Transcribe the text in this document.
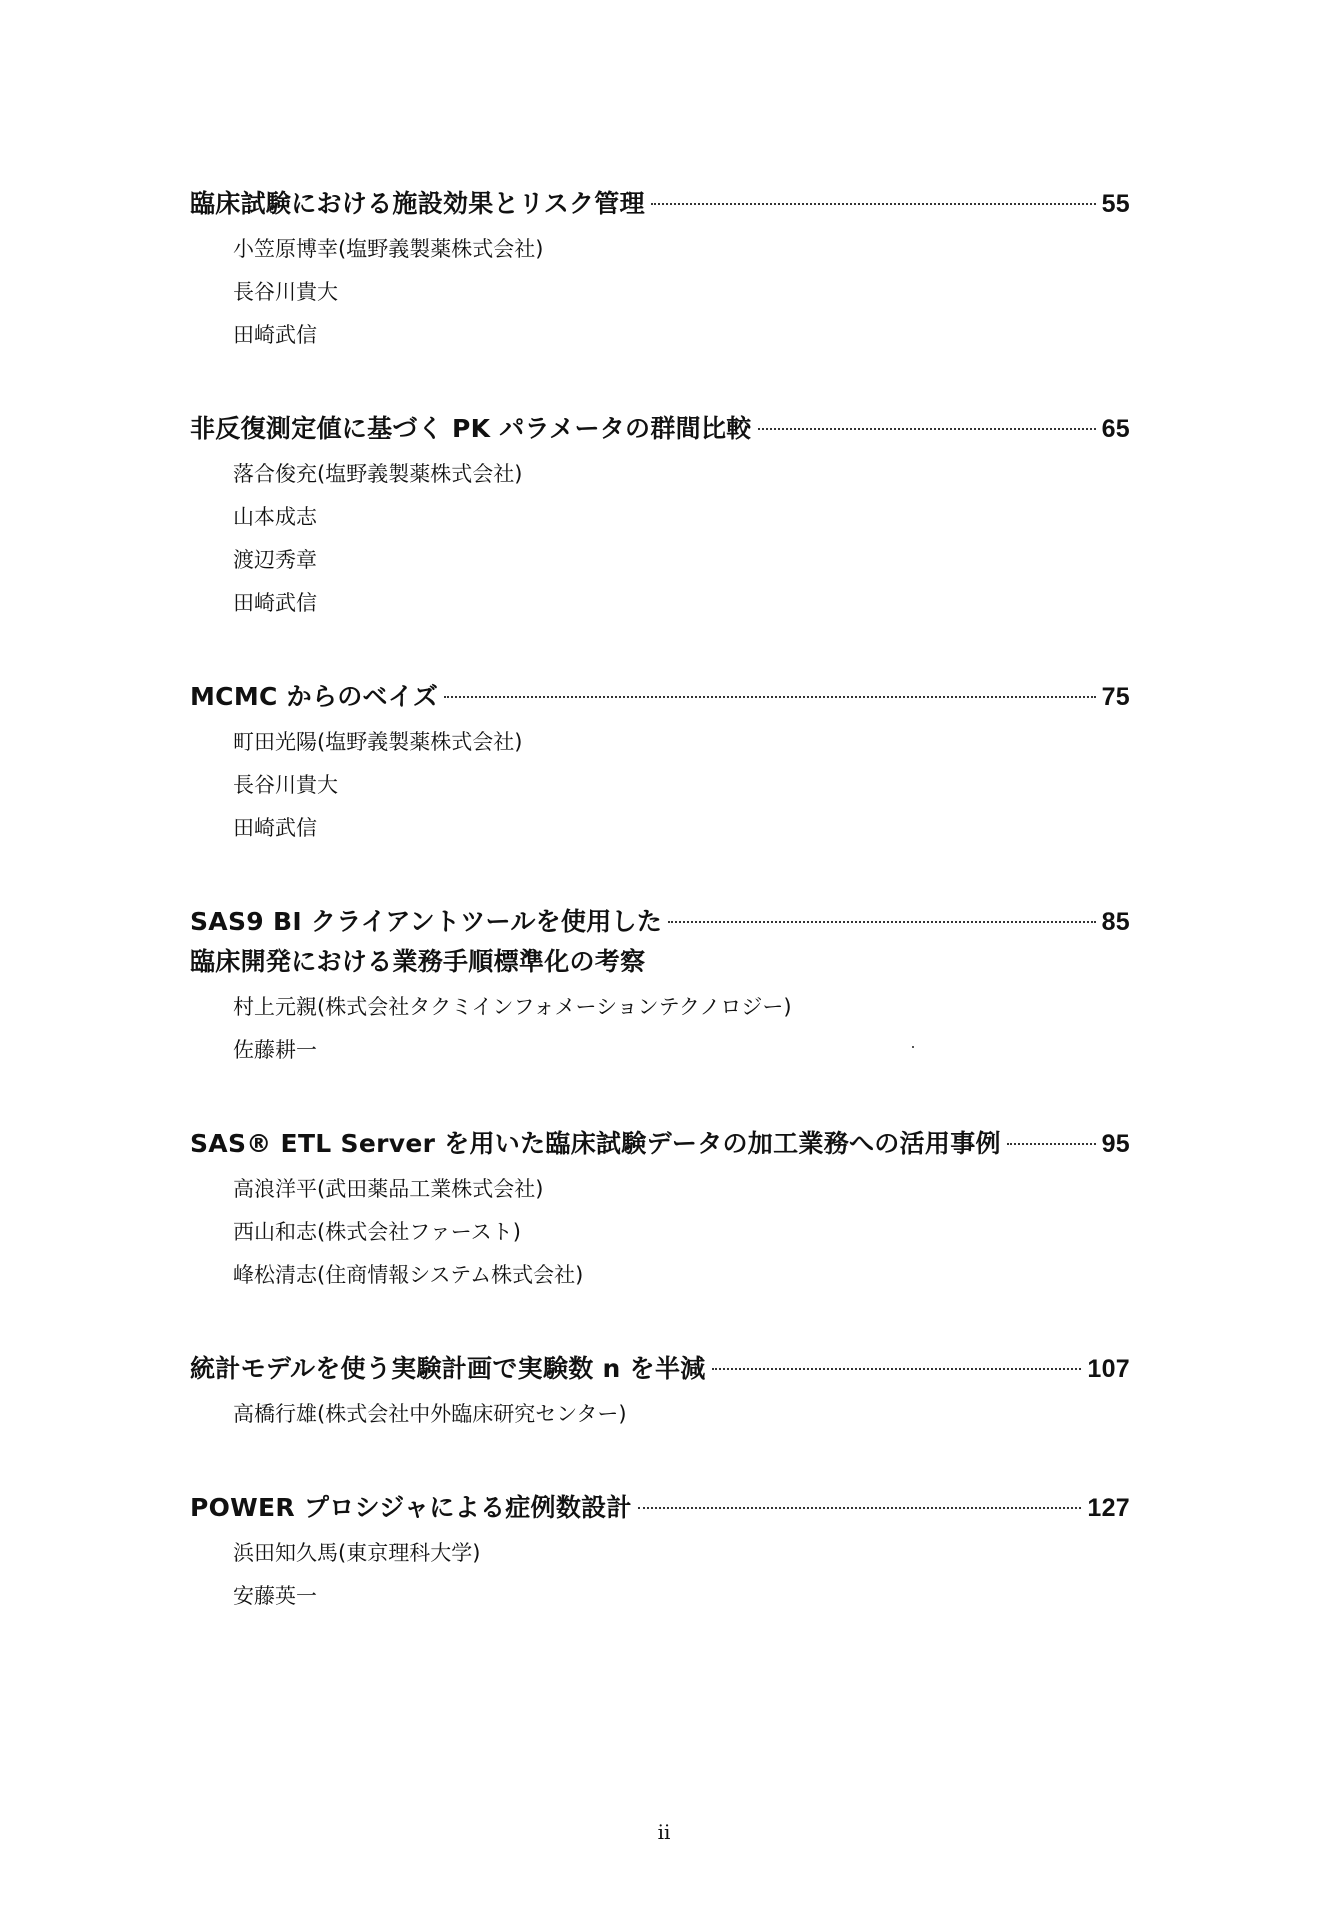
臨床試験における施設効果とリスク管理	55
小笠原博幸(塩野義製薬株式会社)
長谷川貴大
田崎武信
非反復測定値に基づく PK パラメータの群間比較	65
落合俊充(塩野義製薬株式会社)
山本成志
渡辺秀章
田崎武信
MCMC からのベイズ	75
町田光陽(塩野義製薬株式会社)
長谷川貴大
田崎武信
SAS9 BI クライアントツールを使用した	85
臨床開発における業務手順標準化の考察
村上元親(株式会社タクミインフォメーションテクノロジー)
佐藤耕一
SAS® ETL Server を用いた臨床試験データの加工業務への活用事例	95
高浪洋平(武田薬品工業株式会社)
西山和志(株式会社ファースト)
峰松清志(住商情報システム株式会社)
統計モデルを使う実験計画で実験数 n を半減	107
高橋行雄(株式会社中外臨床研究センター)
POWER プロシジャによる症例数設計	127
浜田知久馬(東京理科大学)
安藤英一
ii
